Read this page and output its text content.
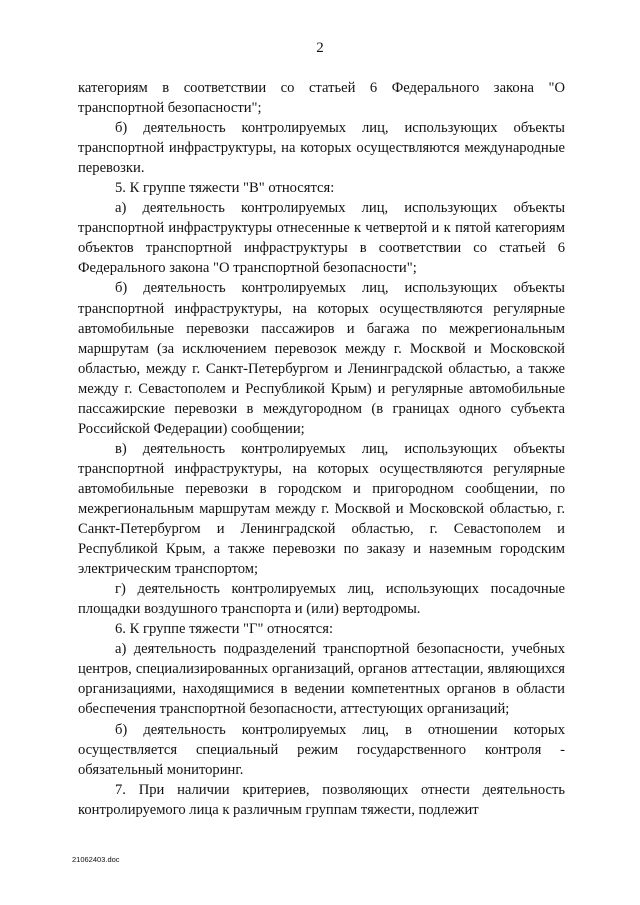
2

категориям в соответствии со статьей 6 Федерального закона "О транспортной безопасности";

б) деятельность контролируемых лиц, использующих объекты транспортной инфраструктуры, на которых осуществляются международные перевозки.

5. К группе тяжести "В" относятся:

а) деятельность контролируемых лиц, использующих объекты транспортной инфраструктуры отнесенные к четвертой и к пятой категориям объектов транспортной инфраструктуры в соответствии со статьей 6 Федерального закона "О транспортной безопасности";

б) деятельность контролируемых лиц, использующих объекты транспортной инфраструктуры, на которых осуществляются регулярные автомобильные перевозки пассажиров и багажа по межрегиональным маршрутам (за исключением перевозок между г. Москвой и Московской областью, между г. Санкт-Петербургом и Ленинградской областью, а также между г. Севастополем и Республикой Крым) и регулярные автомобильные пассажирские перевозки в междугородном (в границах одного субъекта Российской Федерации) сообщении;

в) деятельность контролируемых лиц, использующих объекты транспортной инфраструктуры, на которых осуществляются регулярные автомобильные перевозки в городском и пригородном сообщении, по межрегиональным маршрутам между г. Москвой и Московской областью, г. Санкт-Петербургом и Ленинградской областью, г. Севастополем и Республикой Крым, а также перевозки по заказу и наземным городским электрическим транспортом;

г) деятельность контролируемых лиц, использующих посадочные площадки воздушного транспорта и (или) вертодромы.

6. К группе тяжести "Г" относятся:

а) деятельность подразделений транспортной безопасности, учебных центров, специализированных организаций, органов аттестации, являющихся организациями, находящимися в ведении компетентных органов в области обеспечения транспортной безопасности, аттестующих организаций;

б) деятельность контролируемых лиц, в отношении которых осуществляется специальный режим государственного контроля - обязательный мониторинг.

7. При наличии критериев, позволяющих отнести деятельность контролируемого лица к различным группам тяжести, подлежит

21062403.doc
